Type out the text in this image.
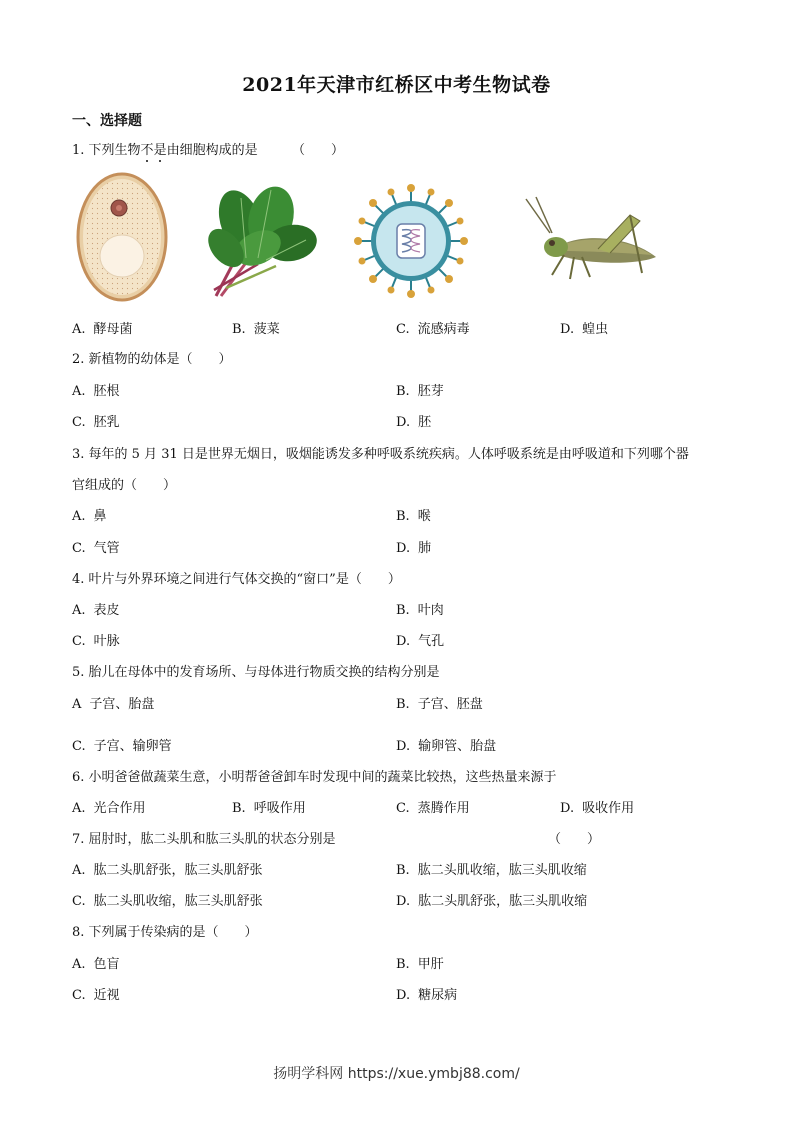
2021年天津市红桥区中考生物试卷
一、选择题
1. 下列生物不是由细胞构成的是	（　　）
A. 酵母菌	B. 菠菜	C. 流感病毒	D. 蝗虫
2. 新植物的幼体是（　　）
A. 胚根	B. 胚芽
C. 胚乳	D. 胚
3. 每年的 5 月 31 日是世界无烟日，吸烟能诱发多种呼吸系统疾病。人体呼吸系统是由呼吸道和下列哪个器
官组成的（　　）
A. 鼻	B. 喉
C. 气管	D. 肺
4. 叶片与外界环境之间进行气体交换的“窗口”是（　　）
A. 表皮	B. 叶肉
C. 叶脉	D. 气孔
5. 胎儿在母体中的发育场所、与母体进行物质交换的结构分别是
A 子宫、胎盘	B. 子宫、胚盘
C. 子宫、输卵管	D. 输卵管、胎盘
6. 小明爸爸做蔬菜生意，小明帮爸爸卸车时发现中间的蔬菜比较热，这些热量来源于
A. 光合作用	B. 呼吸作用	C. 蒸腾作用	D. 吸收作用
7. 屈肘时，肱二头肌和肱三头肌的状态分别是	（　　）
A. 肱二头肌舒张，肱三头肌舒张	B. 肱二头肌收缩，肱三头肌收缩
C. 肱二头肌收缩，肱三头肌舒张	D. 肱二头肌舒张，肱三头肌收缩
8. 下列属于传染病的是（　　）
A. 色盲	B. 甲肝
C. 近视	D. 糖尿病
扬明学科网 https://xue.ymbj88.com/
